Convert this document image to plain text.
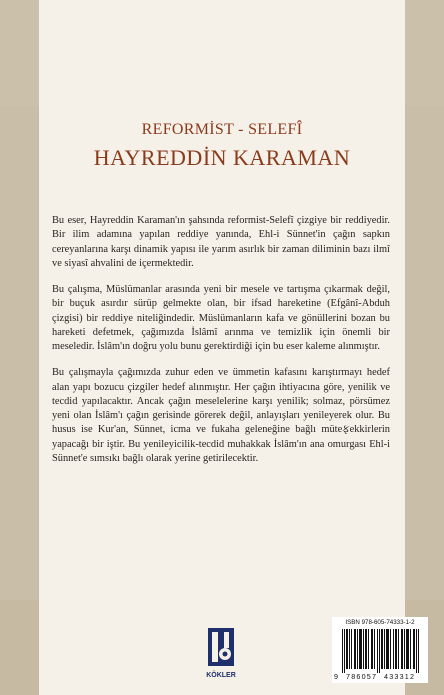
REFORMİST - SELEFÎ
HAYREDDİN KARAMAN

Bu eser, Hayreddin Karaman'ın şahsında reformist-Selefî çizgiye bir reddiyedir. Bir ilim adamına yapılan reddiye yanında, Ehl-i Sünnet'in çağın sapkın cereyanlarına karşı dinamik yapısı ile yarım asırlık bir zaman diliminin bazı ilmî ve siyasî ahvalini de içermektedir.

Bu çalışma, Müslümanlar arasında yeni bir mesele ve tartışma çıkarmak değil, bir buçuk asırdır sürüp gelmekte olan, bir ifsad hareketine (Efgânî-Abduh çizgisi) bir reddiye niteliğindedir. Müslümanların kafa ve gönüllerini bozan bu hareketi defetmek, çağımızda İslâmî arınma ve temizlik için önemli bir meseledir. İslâm'ın doğru yolu bunu gerektirdiği için bu eser kaleme alınmıştır.

Bu çalışmayla çağımızda zuhur eden ve ümmetin kafasını karıştırmayı hedef alan yapı bozucu çizgiler hedef alınmıştır. Her çağın ihtiyacına göre, yenilik ve tecdid yapılacaktır. Ancak çağın meselelerine karşı yenilik; solmaz, pörsümez yeni olan İslâm'ı çağın gerisinde görerek değil, anlayışları yenileyerek olur. Bu husus ise Kur'an, Sünnet, icma ve fukaha geleneğine bağlı müteફekkirlerin yapacağı bir iştir. Bu yenileyicilik-tecdid muhakkak İslâm'ın ana omurgası Ehl-i Sünnet'e sımsıkı bağlı olarak yerine getirilecektir.

KÖKLER
ISBN 978-605-74333-1-2
9 786057 433312
